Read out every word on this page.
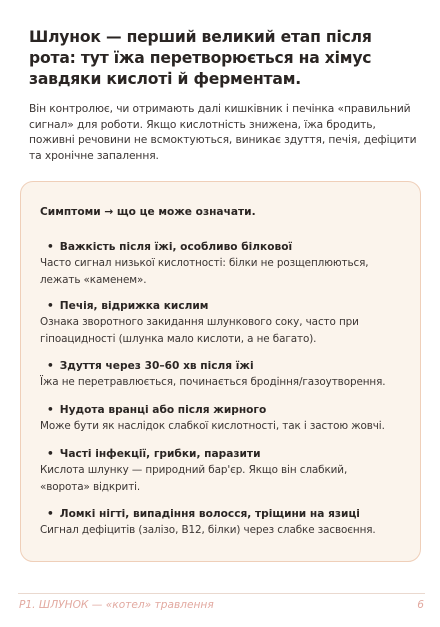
Шлунок — перший великий етап після рота: тут їжа перетворюється на хімус завдяки кислоті й ферментам.
Він контролює, чи отримають далі кишківник і печінка «правильний сигнал» для роботи. Якщо кислотність знижена, їжа бродить, поживні речовини не всмоктуються, виникає здуття, печія, дефіцити та хронічне запалення.
Симптоми → що це може означати.
• Важкість після їжі, особливо білкової
Часто сигнал низької кислотності: білки не розщеплюються, лежать «каменем».
• Печія, відрижка кислим
Ознака зворотного закидання шлункового соку, часто при гіпоацидності (шлунка мало кислоти, а не багато).
• Здуття через 30–60 хв після їжі
Їжа не перетравлюється, починається бродіння/газоутворення.
• Нудота вранці або після жирного
Може бути як наслідок слабкої кислотності, так і застою жовчі.
• Часті інфекції, грибки, паразити
Кислота шлунку — природний бар'єр. Якщо він слабкий, «ворота» відкриті.
• Ломкі нігті, випадіння волосся, тріщини на язиці
Сигнал дефіцитів (залізо, B12, білки) через слабке засвоєння.
Р1. ШЛУНОК — «котел» травлення	6
